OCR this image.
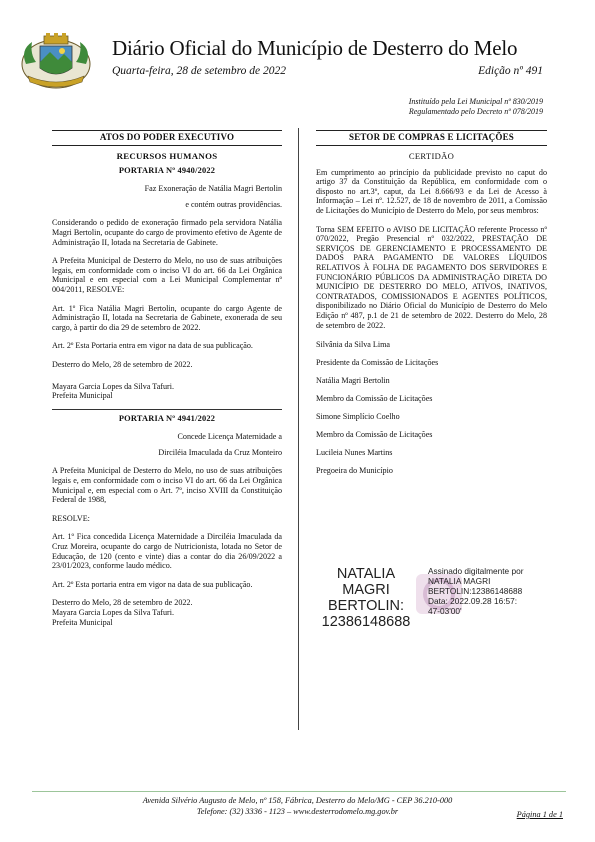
Diário Oficial do Município de Desterro do Melo
Quarta-feira, 28 de setembro de 2022	Edição nº 491
Instituído pela Lei Municipal nº 830/2019
Regulamentado pelo Decreto nº 078/2019
ATOS DO PODER EXECUTIVO
RECURSOS HUMANOS
PORTARIA Nº 4940/2022

Faz Exoneração de Natália Magri Bertolin

e contém outras providências.

Considerando o pedido de exoneração firmado pela servidora Natália Magri Bertolin, ocupante do cargo de provimento efetivo de Agente de Administração II, lotada na Secretaria de Gabinete.

A Prefeita Municipal de Desterro do Melo, no uso de suas atribuições legais, em conformidade com o inciso VI do art. 66 da Lei Orgânica Municipal e em especial com a Lei Municipal Complementar nº 004/2011, RESOLVE:

Art. 1º Fica Natália Magri Bertolin, ocupante do cargo Agente de Administração II, lotada na Secretaria de Gabinete, exonerada de seu cargo, à partir do dia 29 de setembro de 2022.

Art. 2º Esta Portaria entra em vigor na data de sua publicação.

Desterro do Melo, 28 de setembro de 2022.

Mayara Garcia Lopes da Silva Tafuri.

Prefeita Municipal

PORTARIA Nº 4941/2022

Concede Licença Maternidade a

Dirciléia Imaculada da Cruz Monteiro

A Prefeita Municipal de Desterro do Melo, no uso de suas atribuições legais e, em conformidade com o inciso VI do art. 66 da Lei Orgânica Municipal e, em especial com o Art. 7º, inciso XVIII da Constituição Federal de 1988,

RESOLVE:

Art. 1º Fica concedida Licença Maternidade a Dirciléia Imaculada da Cruz Moreira, ocupante do cargo de Nutricionista, lotada no Setor de Educação, de 120 (cento e vinte) dias a contar do dia 26/09/2022 a 23/01/2023, conforme laudo médico.

Art. 2º Esta portaria entra em vigor na data de sua publicação.

Desterro do Melo, 28 de setembro de 2022.

Mayara Garcia Lopes da Silva Tafuri.

Prefeita Municipal

SETOR DE COMPRAS E LICITAÇÕES
CERTIDÃO

Em cumprimento ao princípio da publicidade previsto no caput do artigo 37 da Constituição da República, em conformidade com o disposto no art.3º, caput, da Lei 8.666/93 e da Lei de Acesso à Informação – Lei nº. 12.527, de 18 de novembro de 2011, a Comissão de Licitações do Município de Desterro do Melo, por seus membros:

Torna SEM EFEITO o AVISO DE LICITAÇÃO referente Processo nº 070/2022, Pregão Presencial nº 032/2022, PRESTAÇÃO DE SERVIÇOS DE GERENCIAMENTO E PROCESSAMENTO DE DADOS PARA PAGAMENTO DE VALORES LÍQUIDOS RELATIVOS À FOLHA DE PAGAMENTO DOS SERVIDORES E FUNCIONÁRIO PÚBLICOS DA ADMINISTRAÇÃO DIRETA DO MUNICÍPIO DE DESTERRO DO MELO, ATIVOS, INATIVOS, CONTRATADOS, COMISSIONADOS E AGENTES POLÍTICOS, disponibilizado no Diário Oficial do Município de Desterro do Melo Edição nº 487, p.1 de 21 de setembro de 2022. Desterro do Melo, 28 de setembro de 2022.

Silvânia da Silva Lima

Presidente da Comissão de Licitações

Natália Magri Bertolin

Membro da Comissão de Licitações

Simone Simplício Coelho

Membro da Comissão de Licitações

Lucileia Nunes Martins

Pregoeira do Município

NATALIA MAGRI
BERTOLIN:
12386148688
Assinado digitalmente por
NATALIA MAGRI
BERTOLIN:12386148688
Data: 2022.09.28 16:57:
47-03'00'
Avenida Silvério Augusto de Melo, nº 158, Fábrica, Desterro do Melo/MG - CEP 36.210-000
Telefone: (32) 3336 - 1123 – www.desterrodomelo.mg.gov.br	Página 1 de 1
